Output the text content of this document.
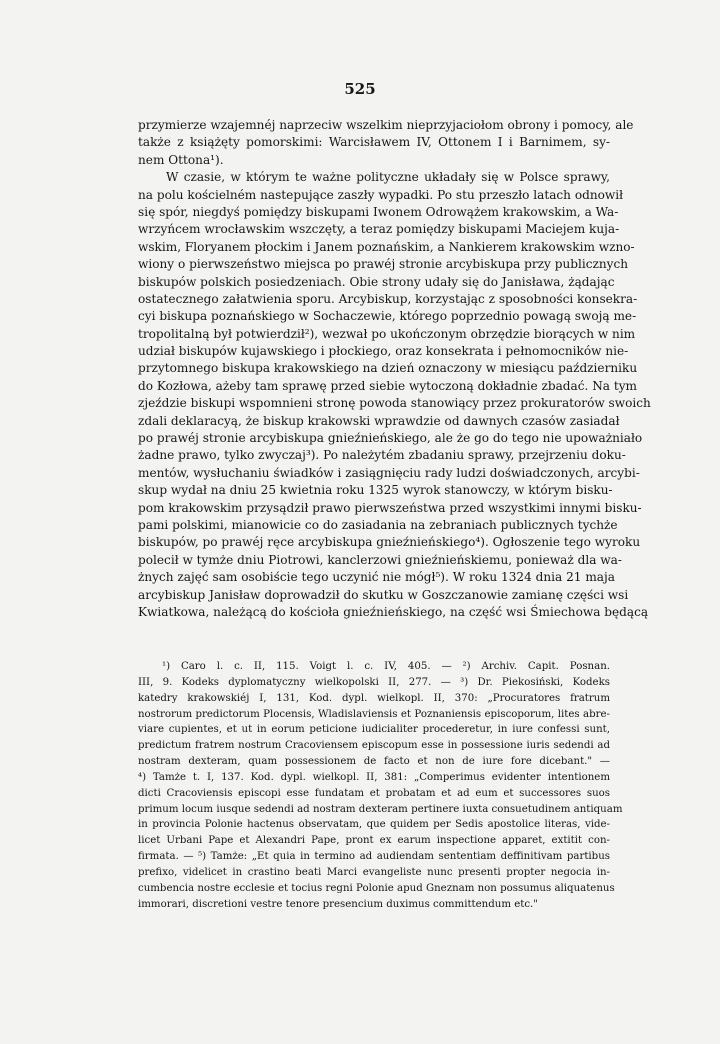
525
przymierze wzajemnéj naprzeciw wszelkim nieprzyjaciołom obrony i pomocy, ale
także z książęty pomorskimi: Warcisławem IV, Ottonem I i Barnimem, sy-
nem Ottona¹).
W czasie, w którym te ważne polityczne układały się w Polsce sprawy,
na polu kościelném nastepujące zaszły wypadki. Po stu przeszło latach odnowił
się spór, niegdyś pomiędzy biskupami Iwonem Odrowążem krakowskim, a Wa-
wrzyńcem wrocławskim wszczęty, a teraz pomiędzy biskupami Maciejem kuja-
wskim, Floryanem płockim i Janem poznańskim, a Nankierem krakowskim wzno-
wiony o pierwszeństwo miejsca po prawéj stronie arcybiskupa przy publicznych
biskupów polskich posiedzeniach. Obie strony udały się do Janisława, żądając
ostatecznego załatwienia sporu. Arcybiskup, korzystając z sposobności konsekra-
cyi biskupa poznańskiego w Sochaczewie, którego poprzednio powagą swoją me-
tropolitalną był potwierdził²), wezwał po ukończonym obrzędzie biorących w nim
udział biskupów kujawskiego i płockiego, oraz konsekrata i pełnomocników nie-
przytomnego biskupa krakowskiego na dzień oznaczony w miesiącu październiku
do Kozłowa, ażeby tam sprawę przed siebie wytoczoną dokładnie zbadać. Na tym
zjeździe biskupi wspomnieni stronę powoda stanowiący przez prokuratorów swoich
zdali deklaracyą, że biskup krakowski wprawdzie od dawnych czasów zasiadał
po prawéj stronie arcybiskupa gnieźnieńskiego, ale że go do tego nie upoważniało
żadne prawo, tylko zwyczaj³). Po należytém zbadaniu sprawy, przejrzeniu doku-
mentów, wysłuchaniu świadków i zasiągnięciu rady ludzi doświadczonych, arcybi-
skup wydał na dniu 25 kwietnia roku 1325 wyrok stanowczy, w którym bisku-
pom krakowskim przysądził prawo pierwszeństwa przed wszystkimi innymi bisku-
pami polskimi, mianowicie co do zasiadania na zebraniach publicznych tychże
biskupów, po prawéj ręce arcybiskupa gnieźnieńskiego⁴). Ogłoszenie tego wyroku
polecił w tymże dniu Piotrowi, kanclerzowi gnieźnieńskiemu, ponieważ dla wa-
żnych zajęć sam osobiście tego uczynić nie mógł⁵). W roku 1324 dnia 21 maja
arcybiskup Janisław doprowadził do skutku w Goszczanowie zamianę części wsi
Kwiatkowa, należącą do kościoła gnieźnieńskiego, na część wsi Śmiechowa będącą
¹) Caro l. c. II, 115. Voigt l. c. IV, 405. — ²) Archiv. Capit. Posnan.
III, 9. Kodeks dyplomatyczny wielkopolski II, 277. — ³) Dr. Piekosiński, Kodeks
katedry krakowskiéj I, 131, Kod. dypl. wielkopl. II, 370: „Procuratores fratrum
nostrorum predictorum Plocensis, Wladislaviensis et Poznaniensis episcoporum, lites abre-
viare cupientes, et ut in eorum peticione iudicialiter procederetur, in iure confessi sunt,
predictum fratrem nostrum Cracoviensem episcopum esse in possessione iuris sedendi ad
nostram dexteram, quam possessionem de facto et non de iure fore dicebant." —
⁴) Tamże t. I, 137. Kod. dypl. wielkopl. II, 381: „Comperimus evidenter intentionem
dicti Cracoviensis episcopi esse fundatam et probatam et ad eum et successores suos
primum locum iusque sedendi ad nostram dexteram pertinere iuxta consuetudinem antiquam
in provincia Polonie hactenus observatam, que quidem per Sedis apostolice literas, vide-
licet Urbani Pape et Alexandri Pape, pront ex earum inspectione apparet, extitit con-
firmata. — ⁵) Tamże: „Et quia in termino ad audiendam sententiam deffinitivam partibus
prefixo, videlicet in crastino beati Marci evangeliste nunc presenti propter negocia in-
cumbencia nostre ecclesie et tocius regni Polonie apud Gneznam non possumus aliquatenus
immorari, discretioni vestre tenore presencium duximus committendum etc."
